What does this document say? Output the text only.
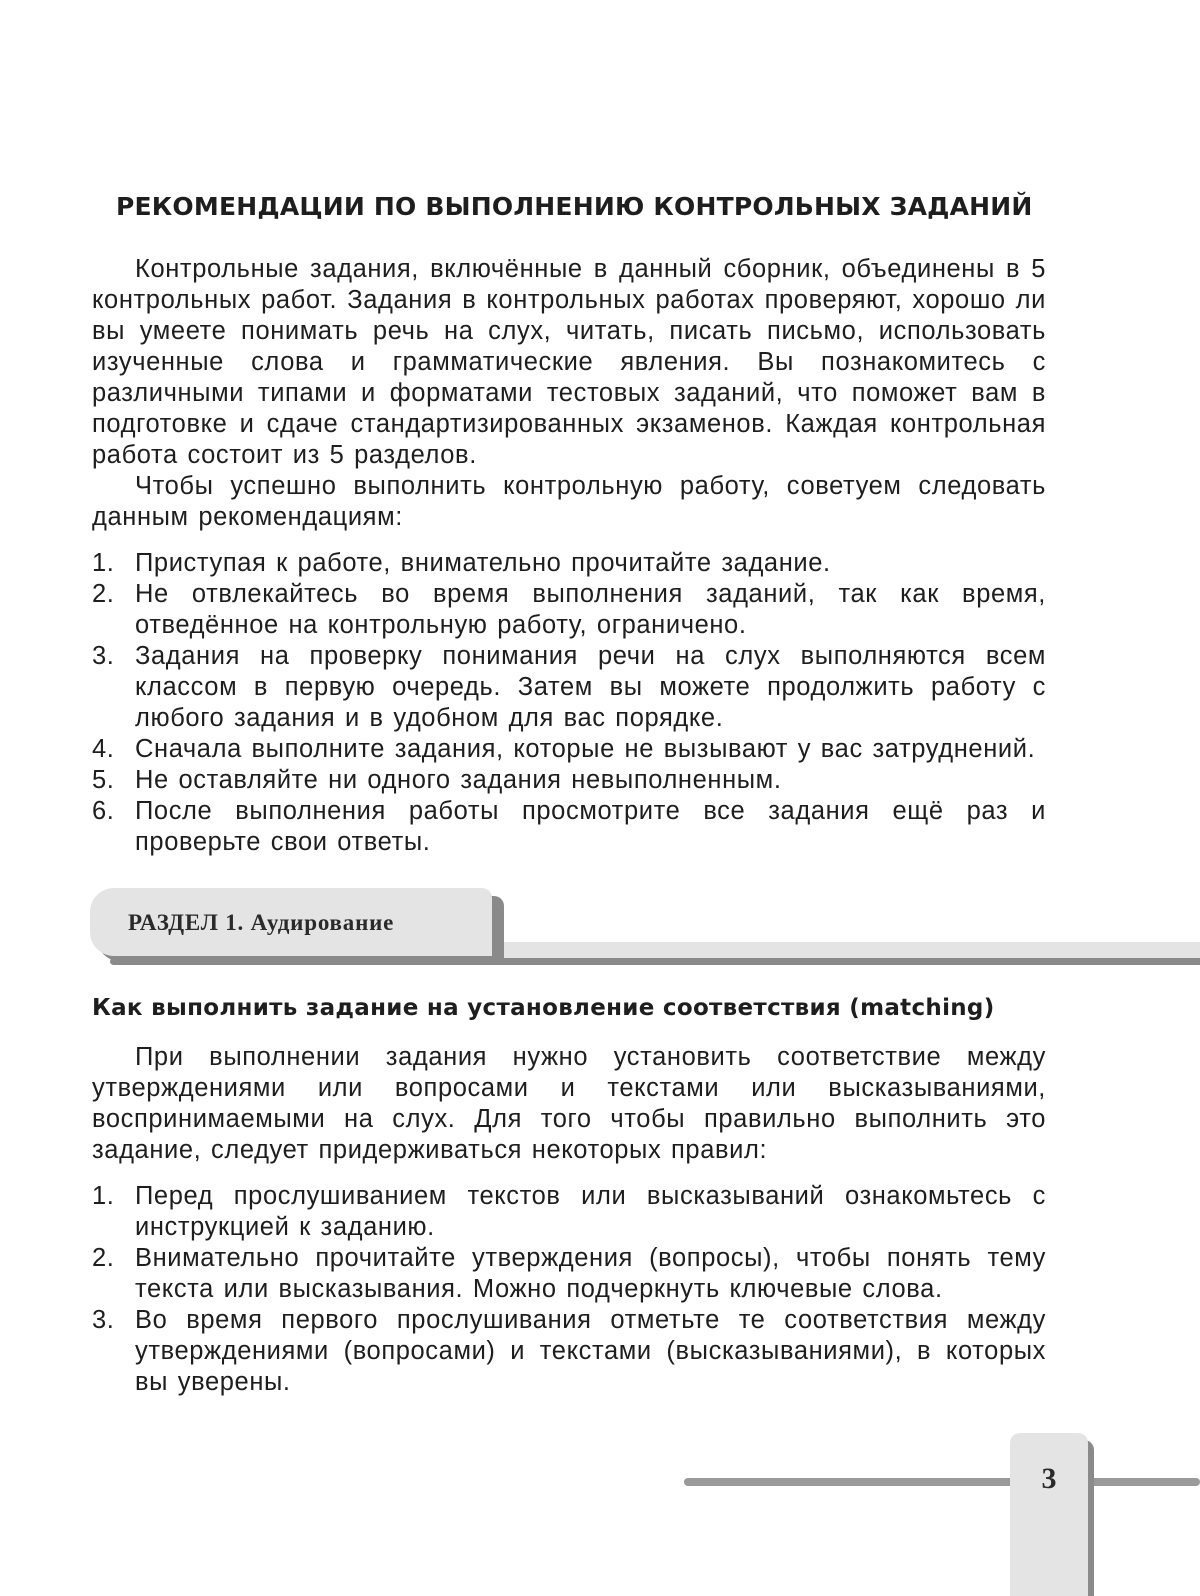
РЕКОМЕНДАЦИИ ПО ВЫПОЛНЕНИЮ КОНТРОЛЬНЫХ ЗАДАНИЙ

Контрольные задания, включённые в данный сборник, объединены в 5 контрольных работ. Задания в контрольных работах проверяют, хорошо ли вы умеете понимать речь на слух, читать, писать письмо, использовать изученные слова и грамматические явления. Вы познакомитесь с различными типами и форматами тестовых заданий, что поможет вам в подготовке и сдаче стандартизированных экзаменов. Каждая контрольная работа состоит из 5 разделов.

Чтобы успешно выполнить контрольную работу, советуем следовать данным рекомендациям:

1. Приступая к работе, внимательно прочитайте задание.
2. Не отвлекайтесь во время выполнения заданий, так как время, отведённое на контрольную работу, ограничено.
3. Задания на проверку понимания речи на слух выполняются всем классом в первую очередь. Затем вы можете продолжить работу с любого задания и в удобном для вас порядке.
4. Сначала выполните задания, которые не вызывают у вас затруднений.
5. Не оставляйте ни одного задания невыполненным.
6. После выполнения работы просмотрите все задания ещё раз и проверьте свои ответы.
РАЗДЕЛ 1. Аудирование
Как выполнить задание на установление соответствия (matching)

При выполнении задания нужно установить соответствие между утверждениями или вопросами и текстами или высказываниями, воспринимаемыми на слух. Для того чтобы правильно выполнить это задание, следует придерживаться некоторых правил:

1. Перед прослушиванием текстов или высказываний ознакомьтесь с инструкцией к заданию.
2. Внимательно прочитайте утверждения (вопросы), чтобы понять тему текста или высказывания. Можно подчеркнуть ключевые слова.
3. Во время первого прослушивания отметьте те соответствия между утверждениями (вопросами) и текстами (высказываниями), в которых вы уверены.
3
